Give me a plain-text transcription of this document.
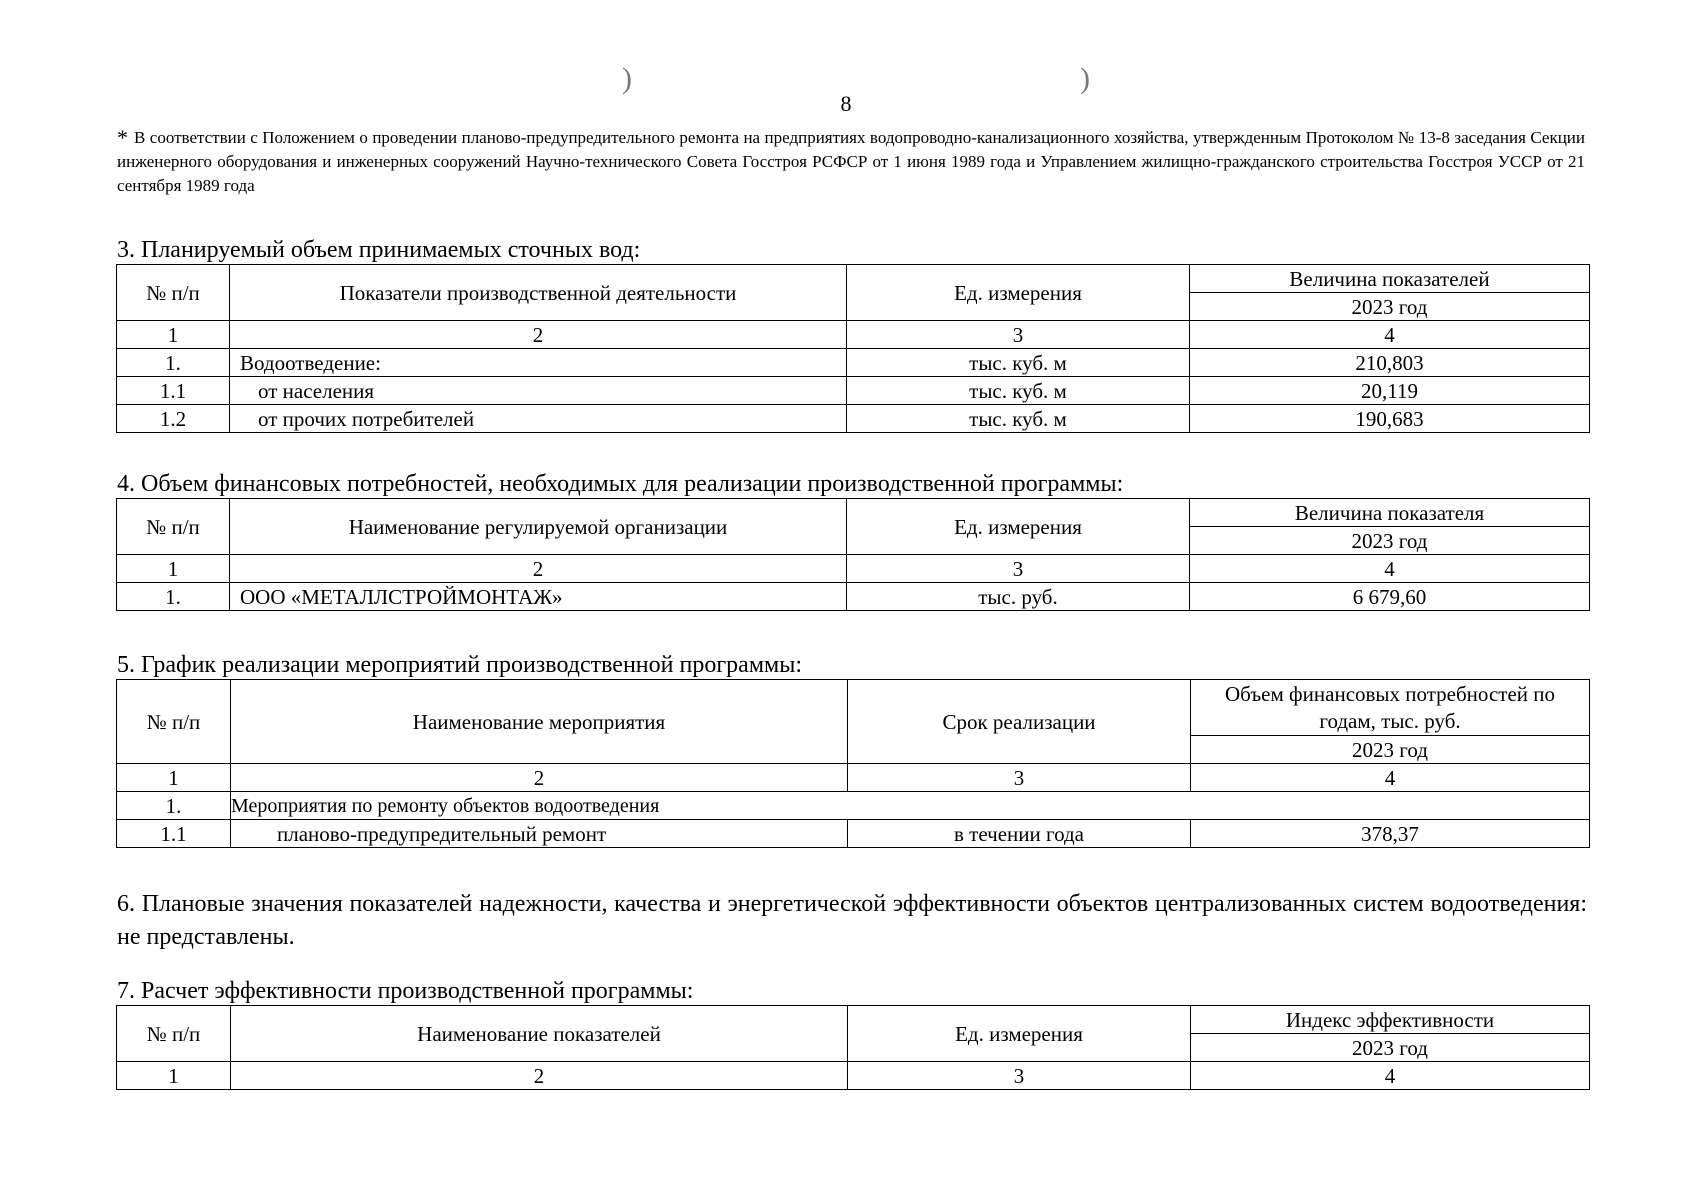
)	)
8
* В соответствии с Положением о проведении планово-предупредительного ремонта на предприятиях водопроводно-канализационного хозяйства, утвержденным Протоколом № 13-8 заседания Секции инженерного оборудования и инженерных сооружений Научно-технического Совета Госстроя РСФСР от 1 июня 1989 года и Управлением жилищно-гражданского строительства Госстроя УССР от 21 сентября 1989 года
3. Планируемый объем принимаемых сточных вод:
№ п/п	Показатели производственной деятельности	Ед. измерения	Величина показателей
			2023 год
1	2	3	4
1.	Водоотведение:	тыс. куб. м	210,803
1.1	от населения	тыс. куб. м	20,119
1.2	от прочих потребителей	тыс. куб. м	190,683
4. Объем финансовых потребностей, необходимых для реализации производственной программы:
№ п/п	Наименование регулируемой организации	Ед. измерения	Величина показателя
			2023 год
1	2	3	4
1.	ООО «МЕТАЛЛСТРОЙМОНТАЖ»	тыс. руб.	6 679,60
5. График реализации мероприятий производственной программы:
№ п/п	Наименование мероприятия	Срок реализации	Объем финансовых потребностей по годам, тыс. руб.
			2023 год
1	2	3	4
1.	Мероприятия по ремонту объектов водоотведения		
1.1	планово-предупредительный ремонт	в течении года	378,37
6. Плановые значения показателей надежности, качества и энергетической эффективности объектов централизованных систем водоотведения: не представлены.
7. Расчет эффективности производственной программы:
№ п/п	Наименование показателей	Ед. измерения	Индекс эффективности
			2023 год
1	2	3	4
